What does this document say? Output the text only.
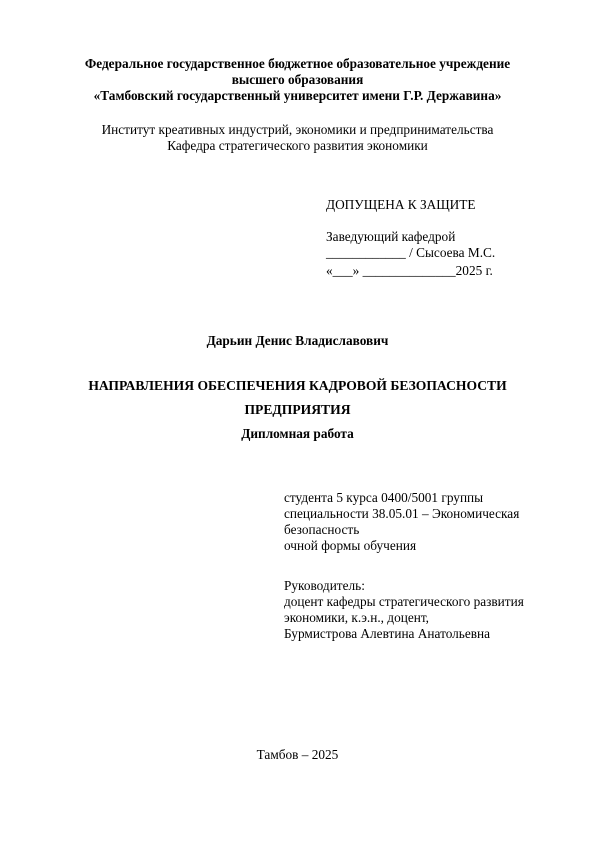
Федеральное государственное бюджетное образовательное учреждение
высшего образования
«Тамбовский государственный университет имени Г.Р. Державина»
Институт креативных индустрий, экономики и предпринимательства
Кафедра стратегического развития экономики
ДОПУЩЕНА К ЗАЩИТЕ
Заведующий кафедрой
____________ / Сысоева М.С.
«___» ______________2025 г.
Дарьин Денис Владиславович
НАПРАВЛЕНИЯ ОБЕСПЕЧЕНИЯ КАДРОВОЙ БЕЗОПАСНОСТИ
ПРЕДПРИЯТИЯ
Дипломная работа
студента 5 курса 0400/5001 группы
специальности 38.05.01 – Экономическая
безопасность
очной формы обучения
Руководитель:
доцент кафедры стратегического развития
экономики, к.э.н., доцент,
Бурмистрова Алевтина Анатольевна
Тамбов – 2025
